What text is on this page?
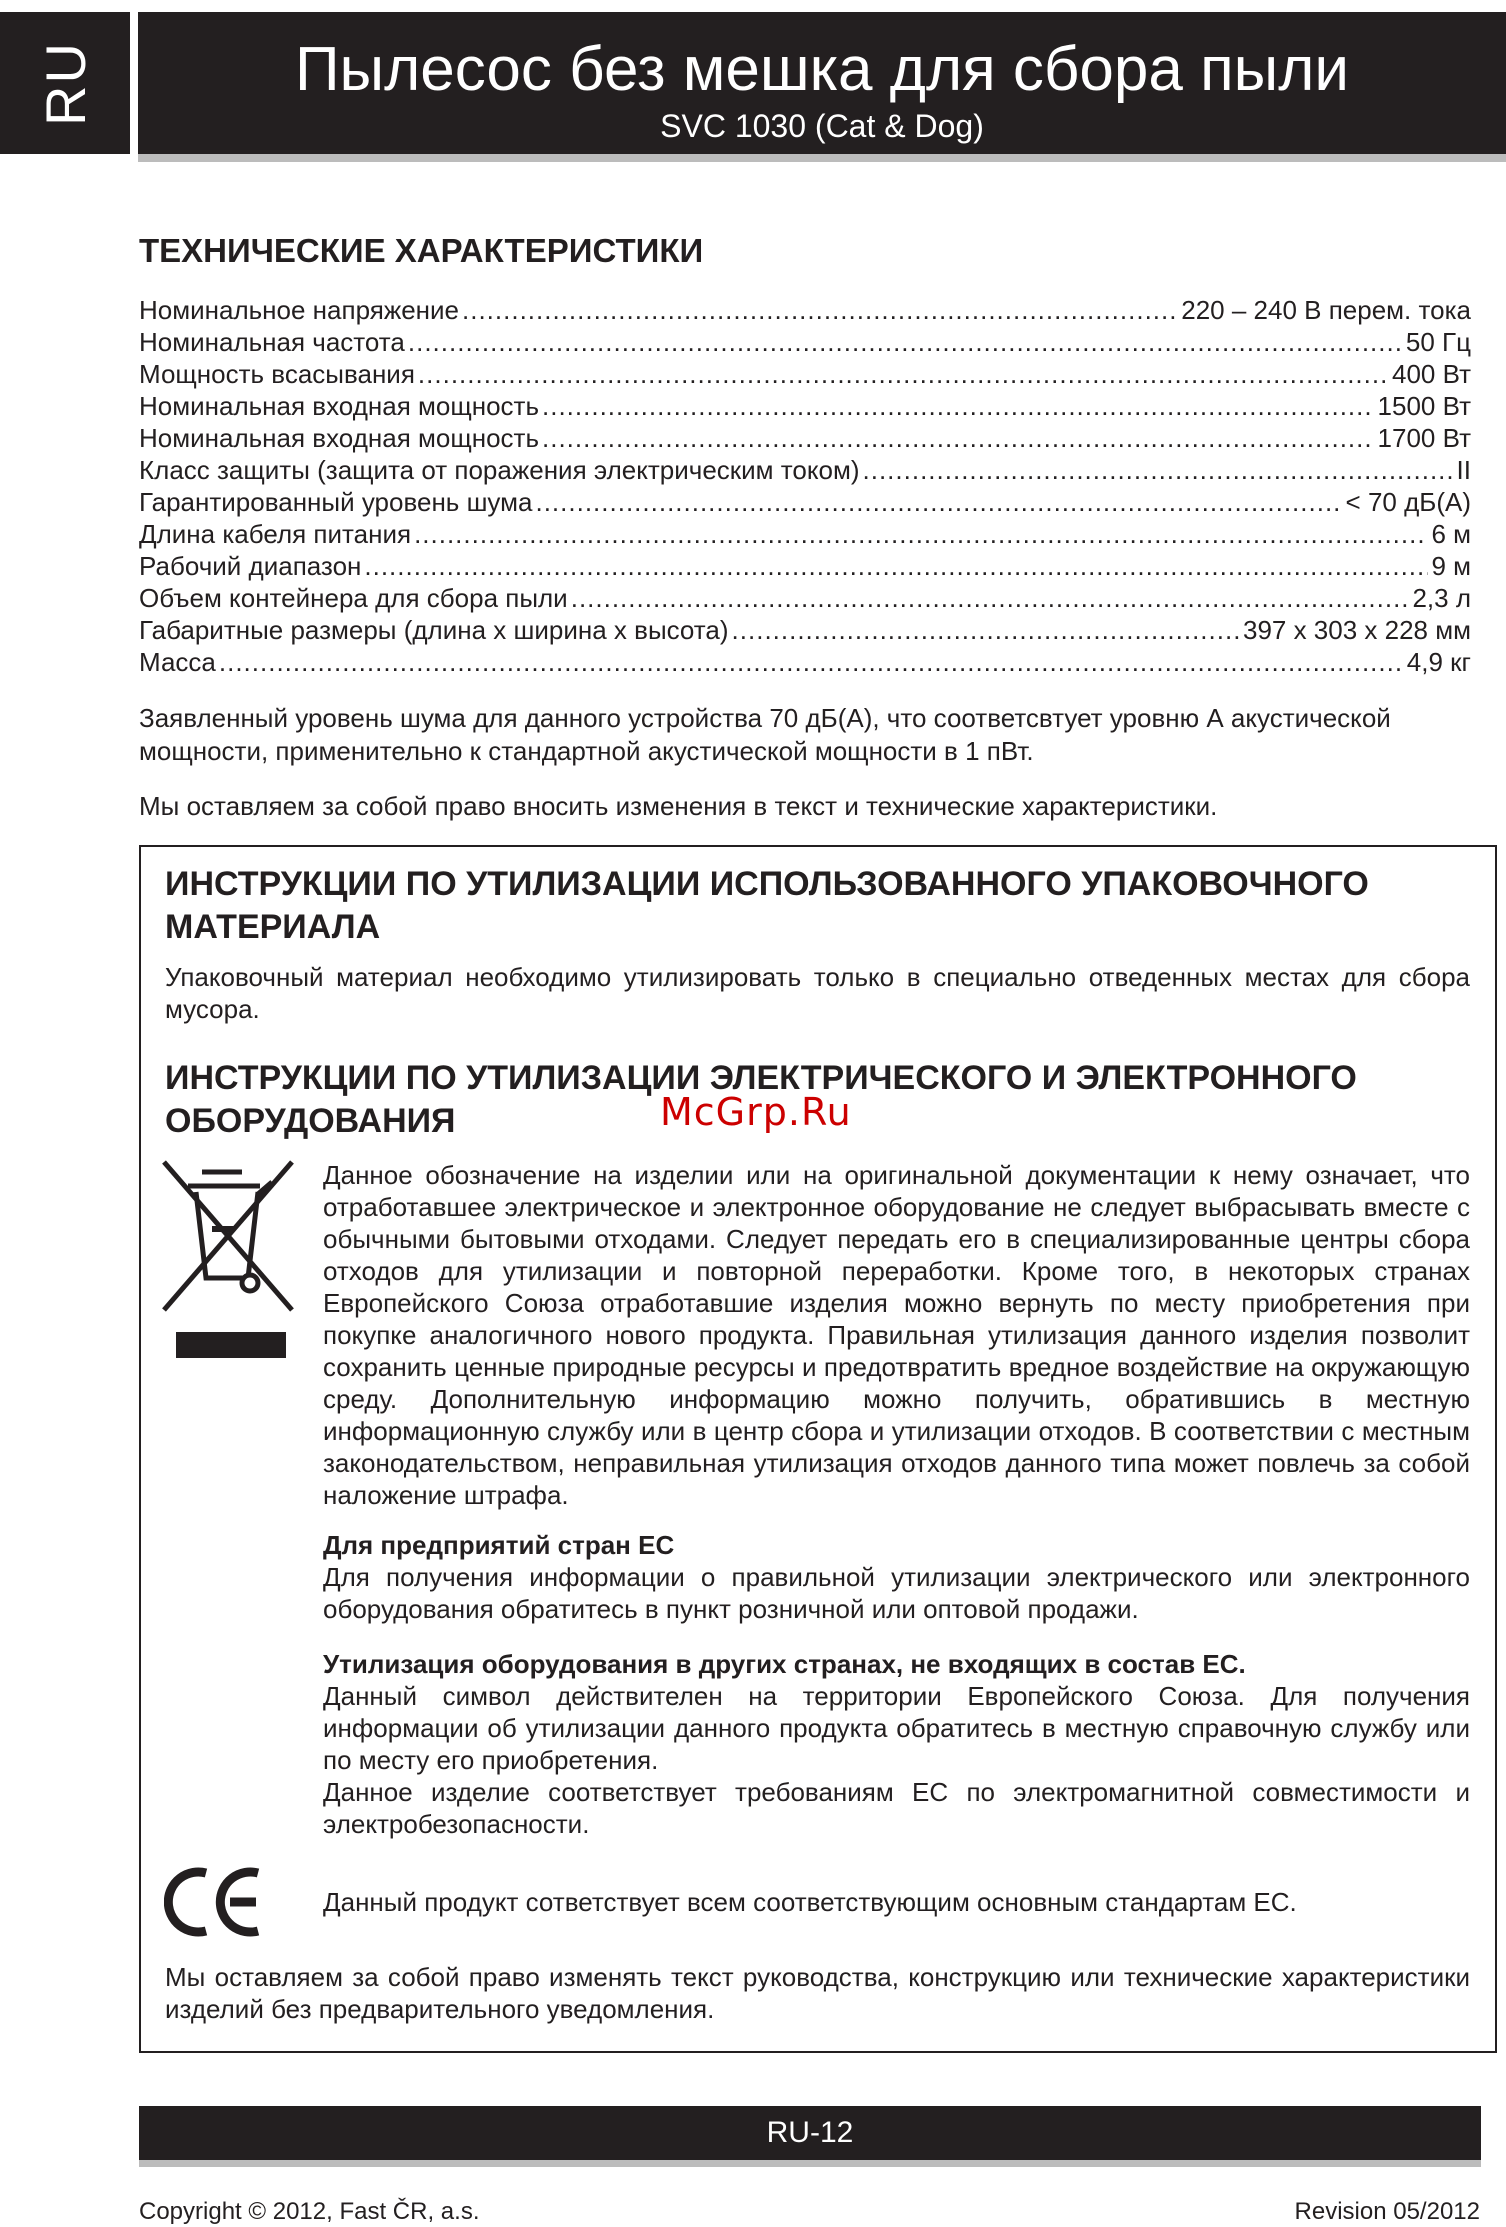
RU	Пылесос без мешка для сбора пыли
SVC 1030 (Cat & Dog)
ТЕХНИЧЕСКИЕ ХАРАКТЕРИСТИКИ
Номинальное напряжение .....	220 – 240 В перем. тока
Номинальная частота .....	50 Гц
Мощность всасывания .....	400 Вт
Номинальная входная мощность .....	1500 Вт
Номинальная входная мощность .....	1700 Вт
Класс защиты (защита от поражения электрическим током) .....	II
Гарантированный уровень шума .....	< 70 дБ(А)
Длина кабеля питания .....	6 м
Рабочий диапазон .....	9 м
Объем контейнера для сбора пыли .....	2,3 л
Габаритные размеры (длина x ширина x высота) .....	397 x 303 x 228 мм
Масса .....	4,9 кг

Заявленный уровень шума для данного устройства 70 дБ(А), что соответсвтует уровню А акустической мощности, применительно к стандартной акустической мощности в 1 пВт.

Мы оставляем за собой право вносить изменения в текст и технические характеристики.

ИНСТРУКЦИИ ПО УТИЛИЗАЦИИ ИСПОЛЬЗОВАННОГО УПАКОВОЧНОГО МАТЕРИАЛА

Упаковочный материал необходимо утилизировать только в специально отведенных местах для сбора мусора.

ИНСТРУКЦИИ ПО УТИЛИЗАЦИИ ЭЛЕКТРИЧЕСКОГО И ЭЛЕКТРОННОГО ОБОРУДОВАНИЯ

Данное обозначение на изделии или на оригинальной документации к нему означает, что отработавшее электрическое и электронное оборудование не следует выбрасывать вместе с обычными бытовыми отходами. Следует передать его в специализированные центры сбора отходов для утилизации и повторной переработки. Кроме того, в некоторых странах Европейского Союза отработавшие изделия можно вернуть по месту приобретения при покупке аналогичного нового продукта. Правильная утилизация данного изделия позволит сохранить ценные природные ресурсы и предотвратить вредное воздействие на окружающую среду. Дополнительную информацию можно получить, обратившись в местную информационную службу или в центр сбора и утилизации отходов. В соответствии с местным законодательством, неправильная утилизация отходов данного типа может повлечь за собой наложение штрафа.

Для предприятий стран ЕС

Для получения информации о правильной утилизации электрического или электронного оборудования обратитесь в пункт розничной или оптовой продажи.

Утилизация оборудования в других странах, не входящих в состав ЕС.

Данный символ действителен на территории Европейского Союза. Для получения информации об утилизации данного продукта обратитесь в местную справочную службу или по месту его приобретения.

Данное изделие соответствует требованиям ЕС по электромагнитной совместимости и электробезопасности.

Данный продукт сответствует всем соответствующим основным стандартам ЕС.

Мы оставляем за собой право изменять текст руководства, конструкцию или технические характеристики изделий без предварительного уведомления.

McGrp.Ru
RU-12
Copyright © 2012, Fast ČR, a.s.	Revision 05/2012
